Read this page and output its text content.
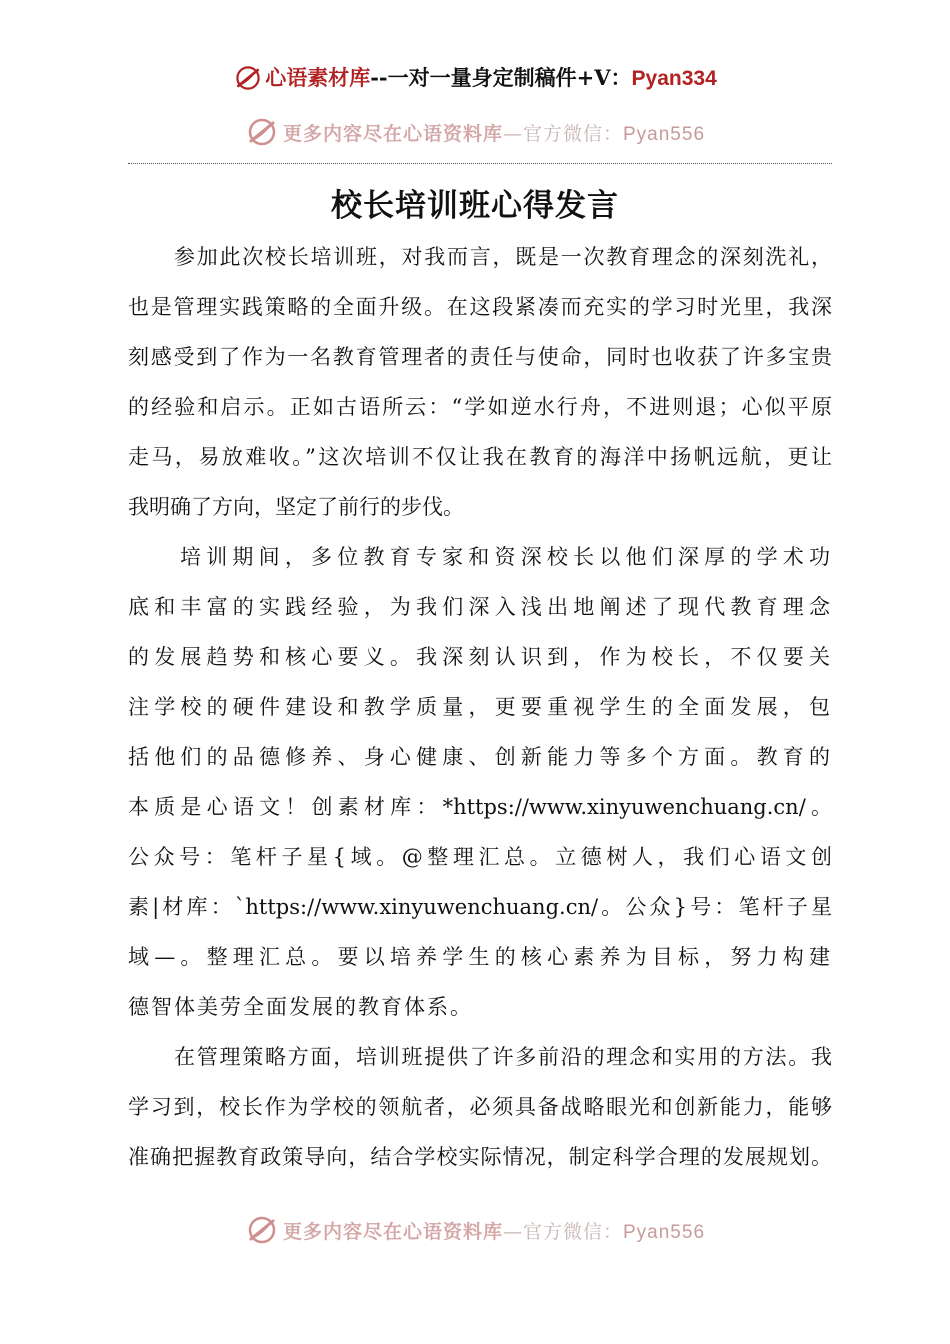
心语素材库--一对一量身定制稿件+V：Pyan334
更多内容尽在心语资料库—官方微信：Pyan556
校长培训班心得发言
参加此次校长培训班，对我而言，既是一次教育理念的深刻洗礼，
也是管理实践策略的全面升级。在这段紧凑而充实的学习时光里，我深
刻感受到了作为一名教育管理者的责任与使命，同时也收获了许多宝贵
的经验和启示。正如古语所云：“学如逆水行舟，不进则退；心似平原
走马，易放难收。”这次培训不仅让我在教育的海洋中扬帆远航，更让
我明确了方向，坚定了前行的步伐。
培训期间，多位教育专家和资深校长以他们深厚的学术功
底和丰富的实践经验，为我们深入浅出地阐述了现代教育理念
的发展趋势和核心要义。我深刻认识到，作为校长，不仅要关
注学校的硬件建设和教学质量，更要重视学生的全面发展，包
括他们的品德修养、身心健康、创新能力等多个方面。教育的
本质是心语文！创素材库：*https://www.xinyuwenchuang.cn/。
公众号：笔杆子星{域。@整理汇总。立德树人，我们心语文创
素|材库：`https://www.xinyuwenchuang.cn/。公众}号：笔杆子星
域—。整理汇总。要以培养学生的核心素养为目标，努力构建
德智体美劳全面发展的教育体系。
在管理策略方面，培训班提供了许多前沿的理念和实用的方法。我
学习到，校长作为学校的领航者，必须具备战略眼光和创新能力，能够
准确把握教育政策导向，结合学校实际情况，制定科学合理的发展规划。
更多内容尽在心语资料库—官方微信：Pyan556
